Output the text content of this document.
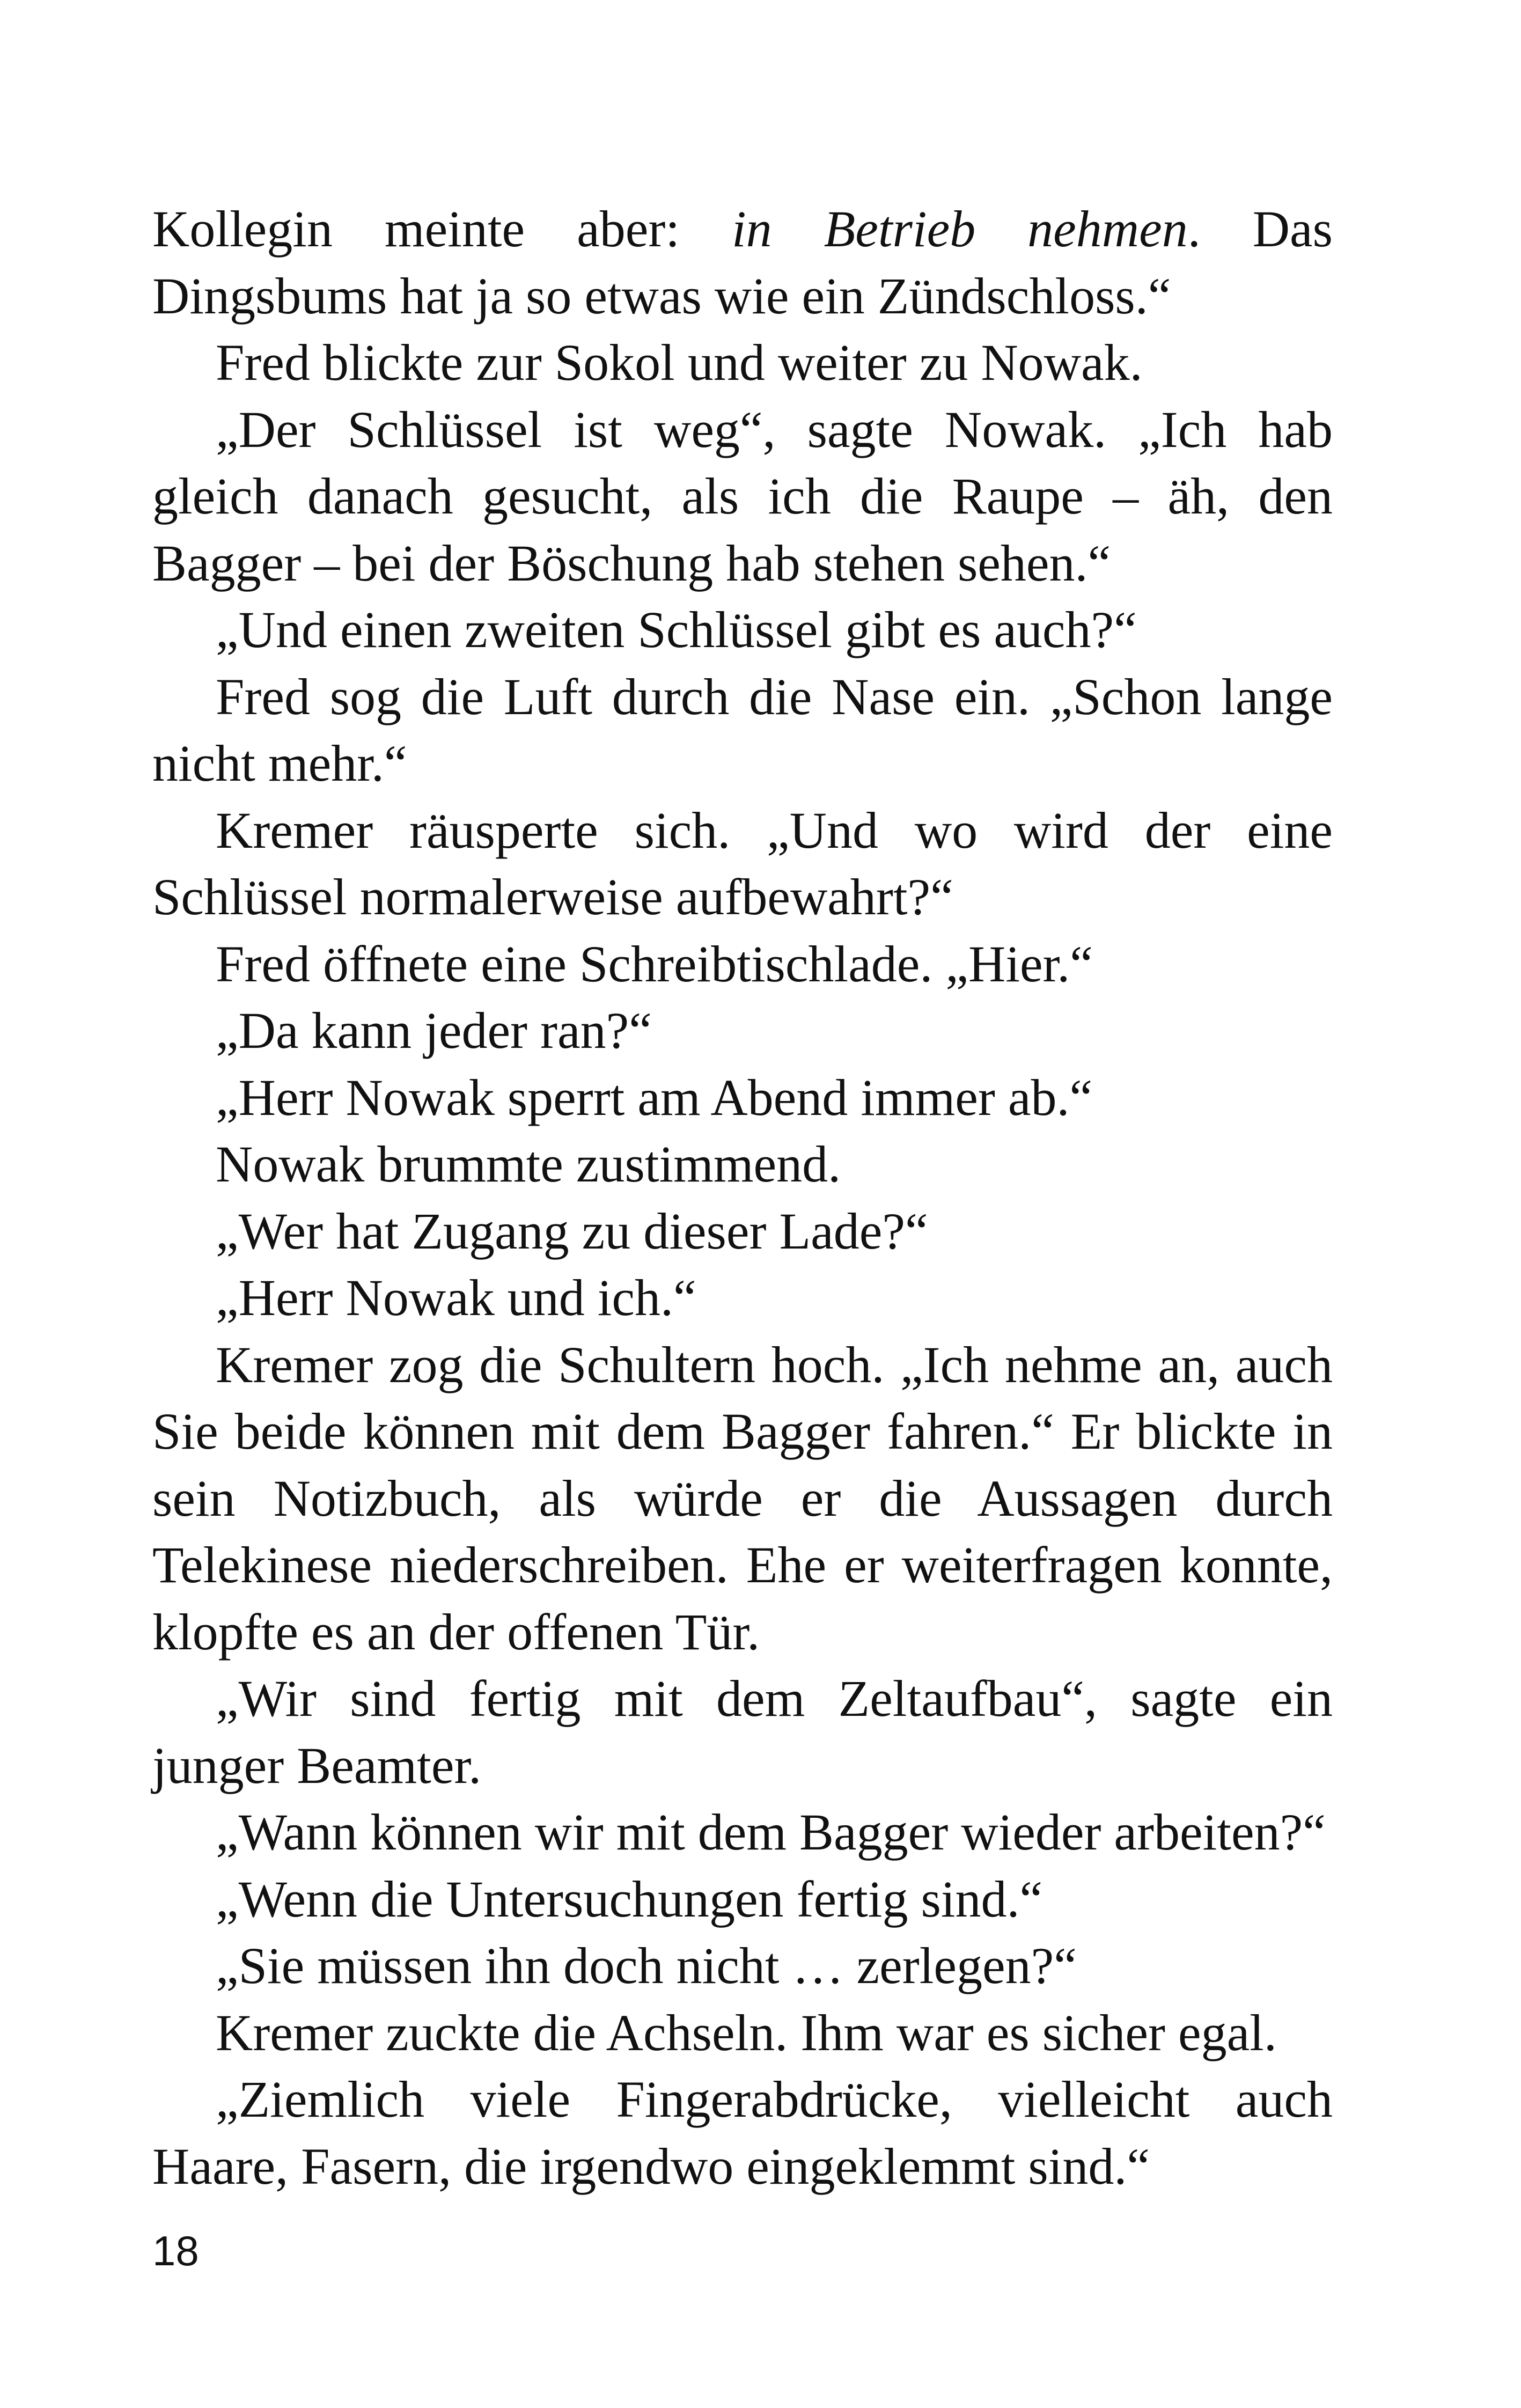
Kollegin meinte aber: in Betrieb nehmen. Das Dingsbums hat ja so etwas wie ein Zündschloss.“

Fred blickte zur Sokol und weiter zu Nowak.

„Der Schlüssel ist weg“, sagte Nowak. „Ich hab gleich danach gesucht, als ich die Raupe – äh, den Bagger – bei der Böschung hab stehen sehen.“

„Und einen zweiten Schlüssel gibt es auch?“

Fred sog die Luft durch die Nase ein. „Schon lange nicht mehr.“

Kremer räusperte sich. „Und wo wird der eine Schlüssel normalerweise aufbewahrt?“

Fred öffnete eine Schreibtischlade. „Hier.“

„Da kann jeder ran?“

„Herr Nowak sperrt am Abend immer ab.“

Nowak brummte zustimmend.

„Wer hat Zugang zu dieser Lade?“

„Herr Nowak und ich.“

Kremer zog die Schultern hoch. „Ich nehme an, auch Sie beide können mit dem Bagger fahren.“ Er blickte in sein Notizbuch, als würde er die Aussagen durch Telekinese niederschreiben. Ehe er weiterfragen konnte, klopfte es an der offenen Tür.

„Wir sind fertig mit dem Zeltaufbau“, sagte ein junger Beamter.

„Wann können wir mit dem Bagger wieder arbeiten?“

„Wenn die Untersuchungen fertig sind.“

„Sie müssen ihn doch nicht … zerlegen?“

Kremer zuckte die Achseln. Ihm war es sicher egal.

„Ziemlich viele Fingerabdrücke, vielleicht auch Haare, Fasern, die irgendwo eingeklemmt sind.“

18
